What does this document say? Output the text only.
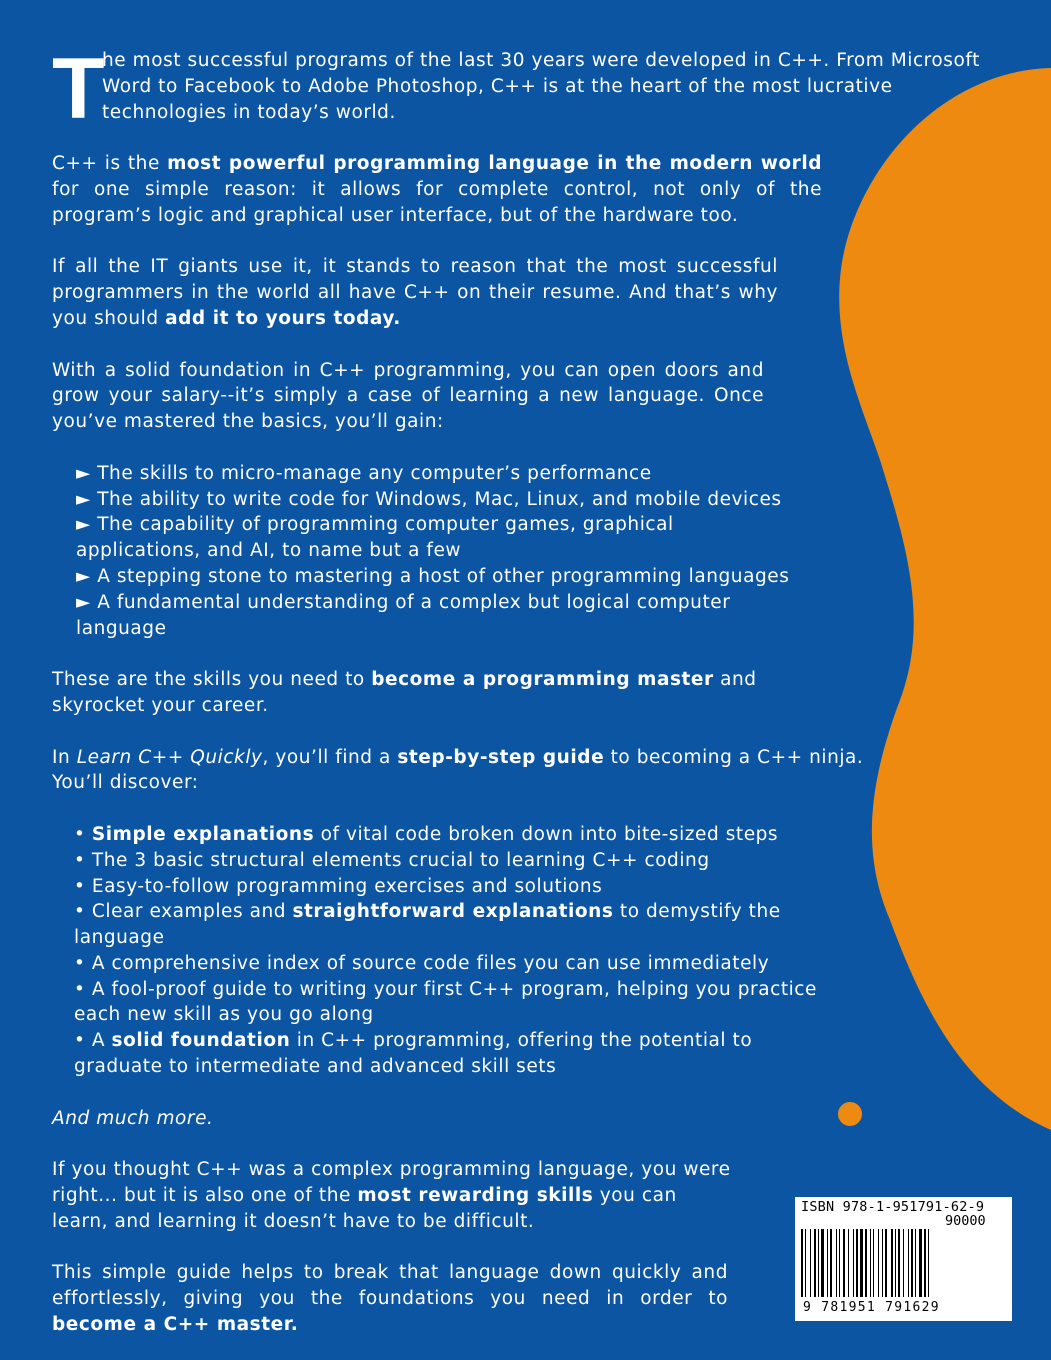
T
he most successful programs of the last 30 years were developed in C++. From Microsoft Word to Facebook to Adobe Photoshop, C++ is at the heart of the most lucrative technologies in today’s world.

C++ is the most powerful programming language in the modern world for one simple reason: it allows for complete control, not only of the program’s logic and graphical user interface, but of the hardware too.

If all the IT giants use it, it stands to reason that the most successful programmers in the world all have C++ on their resume. And that’s why you should add it to yours today.

With a solid foundation in C++ programming, you can open doors and grow your salary--it’s simply a case of learning a new language. Once you’ve mastered the basics, you’ll gain:

► The skills to micro-manage any computer’s performance

► The ability to write code for Windows, Mac, Linux, and mobile devices

► The capability of programming computer games, graphical applications, and AI, to name but a few

► A stepping stone to mastering a host of other programming languages

► A fundamental understanding of a complex but logical computer language

These are the skills you need to become a programming master and skyrocket your career.

In Learn C++ Quickly, you’ll find a step-by-step guide to becoming a C++ ninja. You’ll discover:

• Simple explanations of vital code broken down into bite-sized steps

• The 3 basic structural elements crucial to learning C++ coding

• Easy-to-follow programming exercises and solutions

• Clear examples and straightforward explanations to demystify the language

• A comprehensive index of source code files you can use immediately

• A fool-proof guide to writing your first C++ program, helping you practice each new skill as you go along

• A solid foundation in C++ programming, offering the potential to graduate to intermediate and advanced skill sets

And much more.

If you thought C++ was a complex programming language, you were right... but it is also one of the most rewarding skills you can learn, and learning it doesn’t have to be difficult.

This simple guide helps to break that language down quickly and effortlessly, giving you the foundations you need in order to become a C++ master.

ISBN 978-1-951791-62-9
90000
9 781951 791629
